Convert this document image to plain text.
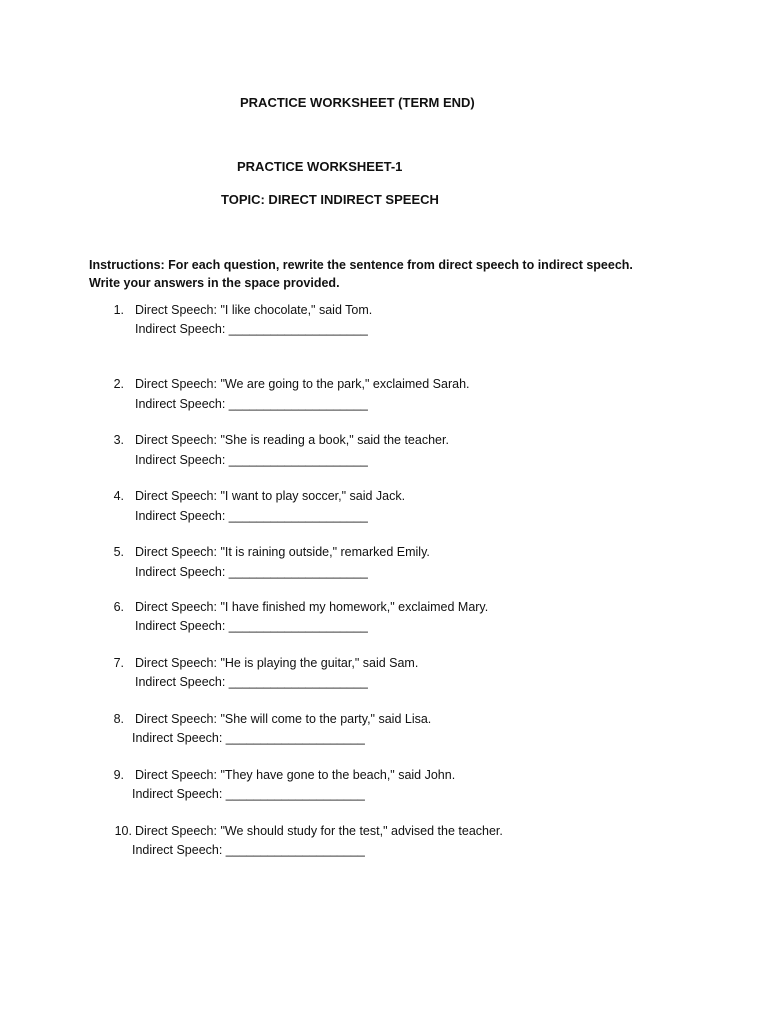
PRACTICE WORKSHEET (TERM END)
PRACTICE WORKSHEET-1
TOPIC: DIRECT INDIRECT SPEECH
Instructions: For each question, rewrite the sentence from direct speech to indirect speech.
Write your answers in the space provided.
1. Direct Speech: "I like chocolate," said Tom.
Indirect Speech: ____________________
2. Direct Speech: "We are going to the park," exclaimed Sarah.
Indirect Speech: ____________________
3. Direct Speech: "She is reading a book," said the teacher.
Indirect Speech: ____________________
4. Direct Speech: "I want to play soccer," said Jack.
Indirect Speech: ____________________
5. Direct Speech: "It is raining outside," remarked Emily.
Indirect Speech: ____________________
6. Direct Speech: "I have finished my homework," exclaimed Mary.
Indirect Speech: ____________________
7. Direct Speech: "He is playing the guitar," said Sam.
Indirect Speech: ____________________
8. Direct Speech: "She will come to the party," said Lisa.
Indirect Speech: ____________________
9. Direct Speech: "They have gone to the beach," said John.
Indirect Speech: ____________________
10. Direct Speech: "We should study for the test," advised the teacher.
Indirect Speech: ____________________
